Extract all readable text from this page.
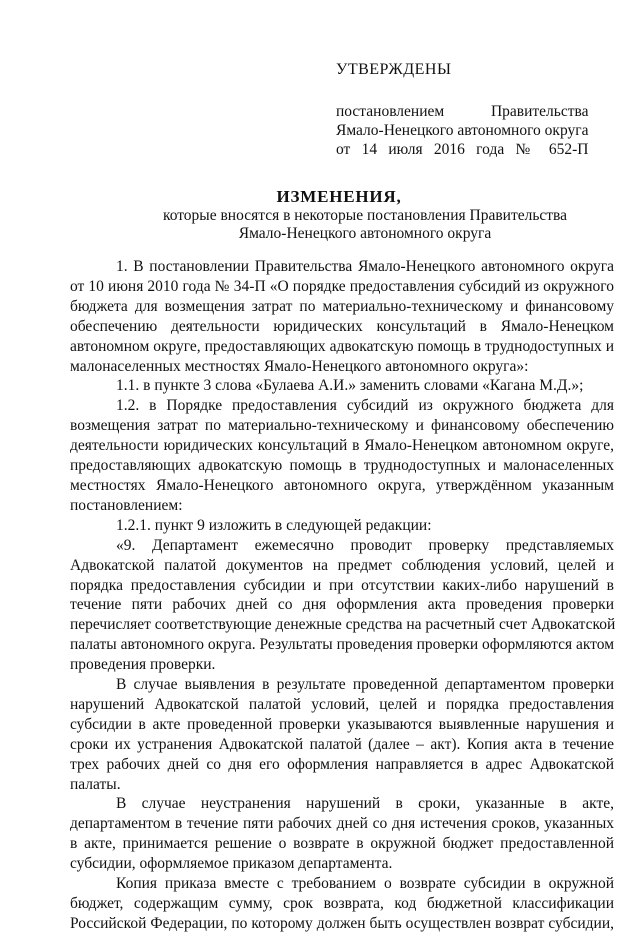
УТВЕРЖДЕНЫ
постановлением Правительства
Ямало-Ненецкого автономного округа
от 14 июля 2016 года № 652-П
ИЗМЕНЕНИЯ,
которые вносятся в некоторые постановления Правительства
Ямало-Ненецкого автономного округа
1. В постановлении Правительства Ямало-Ненецкого автономного округа
от 10 июня 2010 года № 34-П «О порядке предоставления субсидий из окружного
бюджета для возмещения затрат по материально-техническому и финансовому
обеспечению деятельности юридических консультаций в Ямало-Ненецком
автономном округе, предоставляющих адвокатскую помощь в труднодоступных и
малонаселенных местностях Ямало-Ненецкого автономного округа»:
1.1. в пункте 3 слова «Булаева А.И.» заменить словами «Кагана М.Д.»;
1.2. в Порядке предоставления субсидий из окружного бюджета для
возмещения затрат по материально-техническому и финансовому обеспечению
деятельности юридических консультаций в Ямало-Ненецком автономном округе,
предоставляющих адвокатскую помощь в труднодоступных и малонаселенных
местностях Ямало-Ненецкого автономного округа, утверждённом указанным
постановлением:
1.2.1. пункт 9 изложить в следующей редакции:
«9. Департамент ежемесячно проводит проверку представляемых
Адвокатской палатой документов на предмет соблюдения условий, целей и
порядка предоставления субсидии и при отсутствии каких-либо нарушений в
течение пяти рабочих дней со дня оформления акта проведения проверки
перечисляет соответствующие денежные средства на расчетный счет Адвокатской
палаты автономного округа. Результаты проведения проверки оформляются актом
проведения проверки.
В случае выявления в результате проведенной департаментом проверки
нарушений Адвокатской палатой условий, целей и порядка предоставления
субсидии в акте проведенной проверки указываются выявленные нарушения и
сроки их устранения Адвокатской палатой (далее – акт). Копия акта в течение
трех рабочих дней со дня его оформления направляется в адрес Адвокатской
палаты.
В случае неустранения нарушений в сроки, указанные в акте,
департаментом в течение пяти рабочих дней со дня истечения сроков, указанных
в акте, принимается решение о возврате в окружной бюджет предоставленной
субсидии, оформляемое приказом департамента.
Копия приказа вместе с требованием о возврате субсидии в окружной
бюджет, содержащим сумму, срок возврата, код бюджетной классификации
Российской Федерации, по которому должен быть осуществлен возврат субсидии,
